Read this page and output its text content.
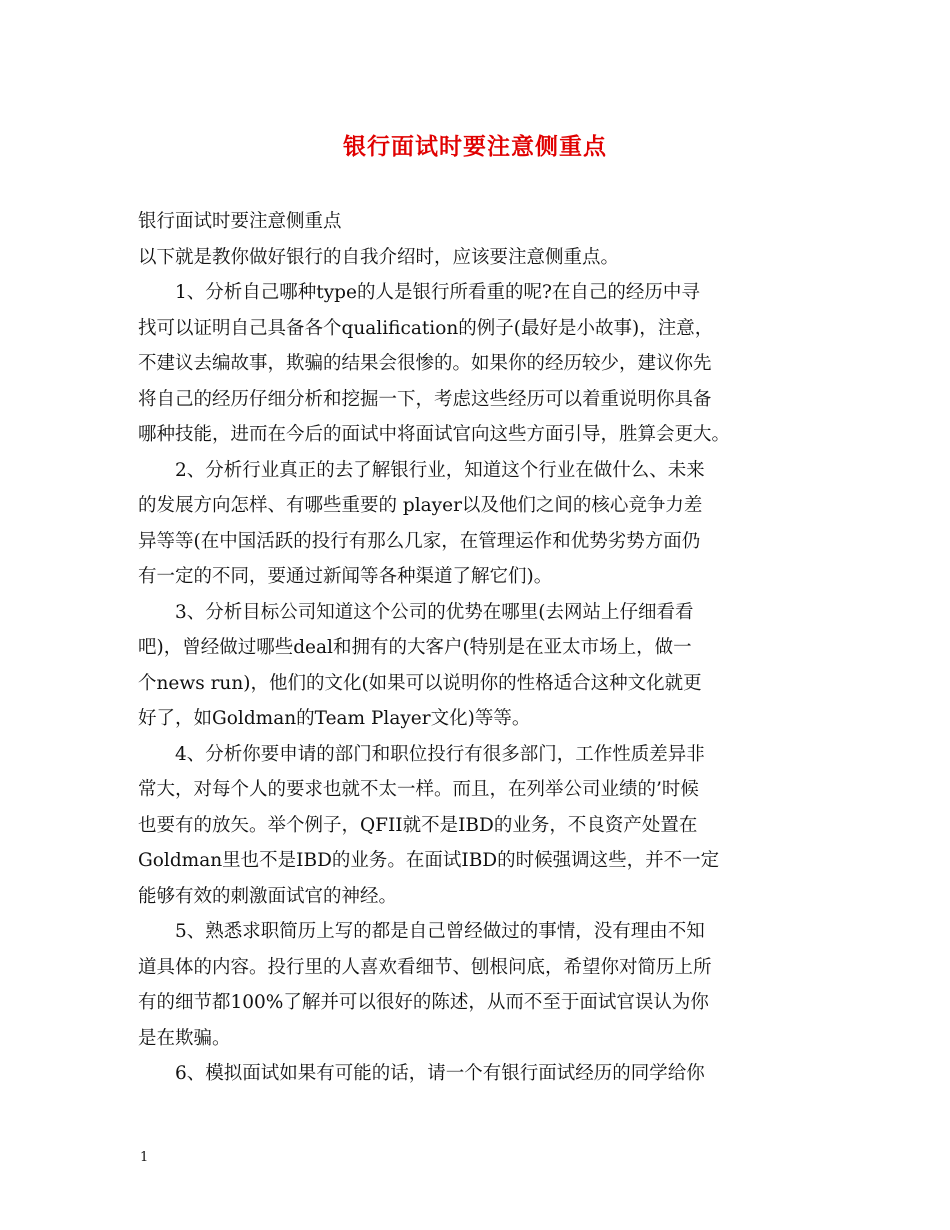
银行面试时要注意侧重点
银行面试时要注意侧重点
以下就是教你做好银行的自我介绍时，应该要注意侧重点。
1、分析自己哪种type的人是银行所看重的呢?在自己的经历中寻
找可以证明自己具备各个qualification的例子(最好是小故事)，注意，
不建议去编故事，欺骗的结果会很惨的。如果你的经历较少，建议你先
将自己的经历仔细分析和挖掘一下，考虑这些经历可以着重说明你具备
哪种技能，进而在今后的面试中将面试官向这些方面引导，胜算会更大。
2、分析行业真正的去了解银行业，知道这个行业在做什么、未来
的发展方向怎样、有哪些重要的 player以及他们之间的核心竞争力差
异等等(在中国活跃的投行有那么几家，在管理运作和优势劣势方面仍
有一定的不同，要通过新闻等各种渠道了解它们)。
3、分析目标公司知道这个公司的优势在哪里(去网站上仔细看看
吧)，曾经做过哪些deal和拥有的大客户(特别是在亚太市场上，做一
个news run)，他们的文化(如果可以说明你的性格适合这种文化就更
好了，如Goldman的Team Player文化)等等。
4、分析你要申请的部门和职位投行有很多部门，工作性质差异非
常大，对每个人的要求也就不太一样。而且，在列举公司业绩的’时候
也要有的放矢。举个例子，QFII就不是IBD的业务，不良资产处置在
Goldman里也不是IBD的业务。在面试IBD的时候强调这些，并不一定
能够有效的刺激面试官的神经。
5、熟悉求职简历上写的都是自己曾经做过的事情，没有理由不知
道具体的内容。投行里的人喜欢看细节、刨根问底，希望你对简历上所
有的细节都100%了解并可以很好的陈述，从而不至于面试官误认为你
是在欺骗。
6、模拟面试如果有可能的话，请一个有银行面试经历的同学给你
1
